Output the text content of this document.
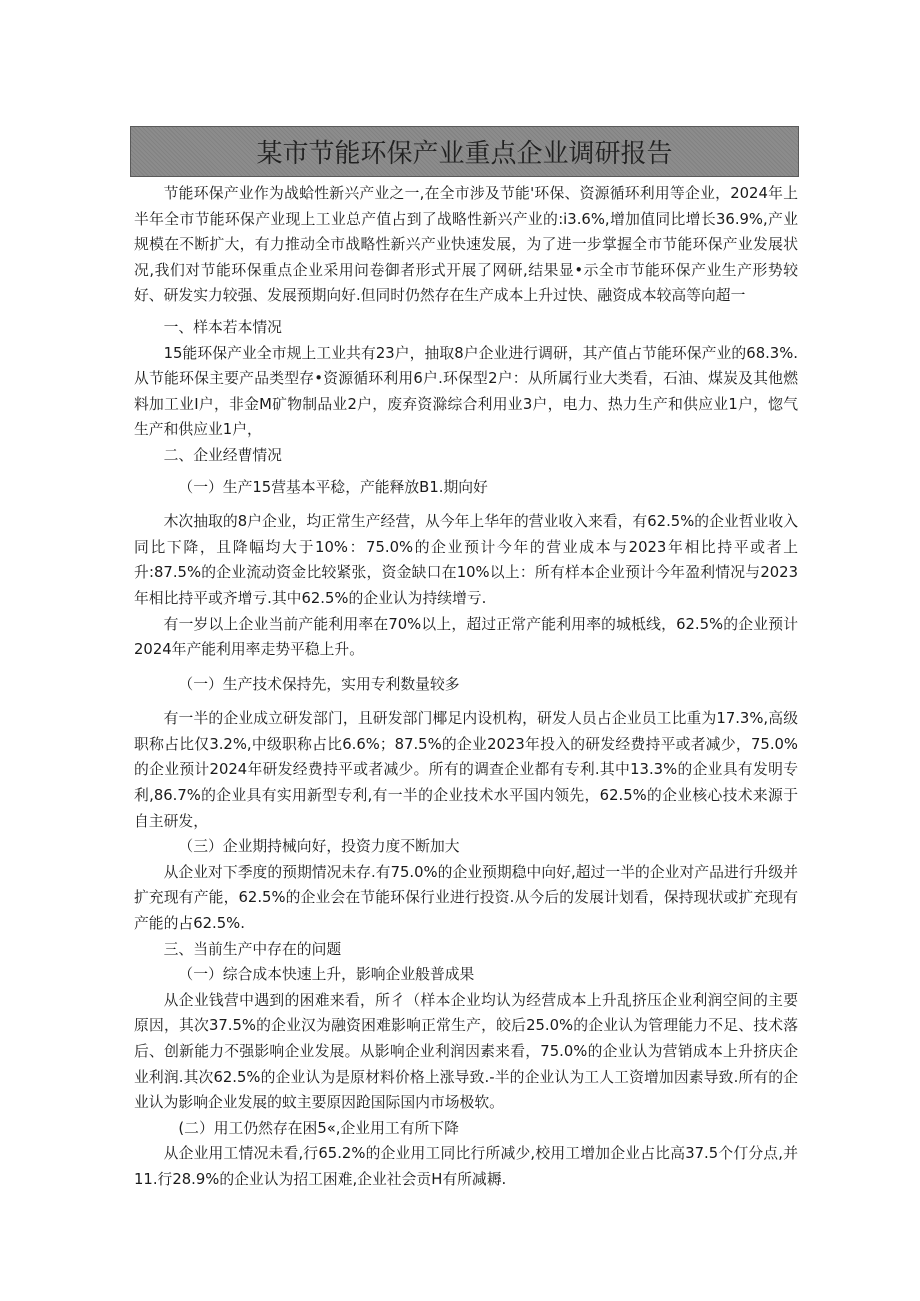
某市节能环保产业重点企业调研报告

节能环保产业作为战蛤性新兴产业之一,在全市涉及节能'环保、资源循环利用等企业，2024年上半年全市节能环保产业现上工业总产值占到了战略性新兴产业的:i3.6%,增加值同比增长36.9%,产业规模在不断扩大，有力推动全市战略性新兴产业快速发展，为了进一步掌握全市节能环保产业发展状况,我们对节能环保重点企业采用问卷御者形式开展了网研,结果显•示全市节能环保产业生产形势较好、研发实力较强、发展预期向好.但同时仍然存在生产成本上升过快、融资成本较高等向超一

一、样本若本情况

15能环保产业全市规上工业共有23户，抽取8户企业进行调研，其产值占节能环保产业的68.3%.从节能环保主要产品类型存•资源循环利用6户.环保型2户：从所属行业大类看，石油、煤炭及其他燃料加工业I户，非金M矿物制品业2户，废弃资滁综合利用业3户，电力、热力生产和供应业1户，惚气生产和供应业1户，

二、企业经曹情况

（一）生产15营基本平稔，产能释放B1.期向好

木次抽取的8户企业，均正常生产经营，从今年上华年的营业收入来看，有62.5%的企业哲业收入同比下降，且降幅均大于10%：75.0%的企业预计今年的营业成本与2023年相比持平或者上升:87.5%的企业流动资金比较紧张，资金缺口在10%以上：所有样本企业预计今年盈利情况与2023年相比持平或齐增亏.其中62.5%的企业认为持续增亏.

有一岁以上企业当前产能利用率在70%以上，超过正常产能利用率的城柢线，62.5%的企业预计2024年产能利用率走势平稳上升。

（一）生产技术保持先，实用专利数量较多

有一半的企业成立研发部门，且研发部门椰足内设机构，研发人员占企业员工比重为17.3%,高级职称占比仅3.2%,中级职称占比6.6%；87.5%的企业2023年投入的研发经费持平或者减少，75.0%的企业预计2024年研发经费持平或者减少。所有的调查企业都有专利.其中13.3%的企业具有发明专利,86.7%的企业具有实用新型专利,有一半的企业技术水平国内领先，62.5%的企业核心技术来源于自主研发，

（三）企业期持械向好，投资力度不断加大

从企业对下季度的预期情况未存.有75.0%的企业预期稳中向好,超过一半的企业对产品进行升级并扩充现有产能，62.5%的企业会在节能环保行业进行投资.从今后的发展计划看，保持现状或扩充现有产能的占62.5%.

三、当前生产中存在的问题

（一）综合成本快速上升，影响企业般普成果

从企业钱营中遇到的困难来看，所彳（样本企业均认为经营成本上升乱挤压企业利润空间的主要原因，其次37.5%的企业汉为融资困难影响正常生产，皎后25.0%的企业认为管理能力不足、技术落后、创新能力不强影响企业发展。从影响企业利润因素来看，75.0%的企业认为营销成本上升挤庆企业利润.其次62.5%的企业认为是原材料价格上涨导致.-半的企业认为工人工资增加因素导致.所有的企业认为影响企业发展的蚊主要原因跄国际国内市场极软。

(二）用工仍然存在困5«,企业用工有所下降

从企业用工情况未看,行65.2%的企业用工同比行所减少,校用工增加企业占比高37.5个仃分点,并11.行28.9%的企业认为招工困难,企业社会贡H有所减耨.
